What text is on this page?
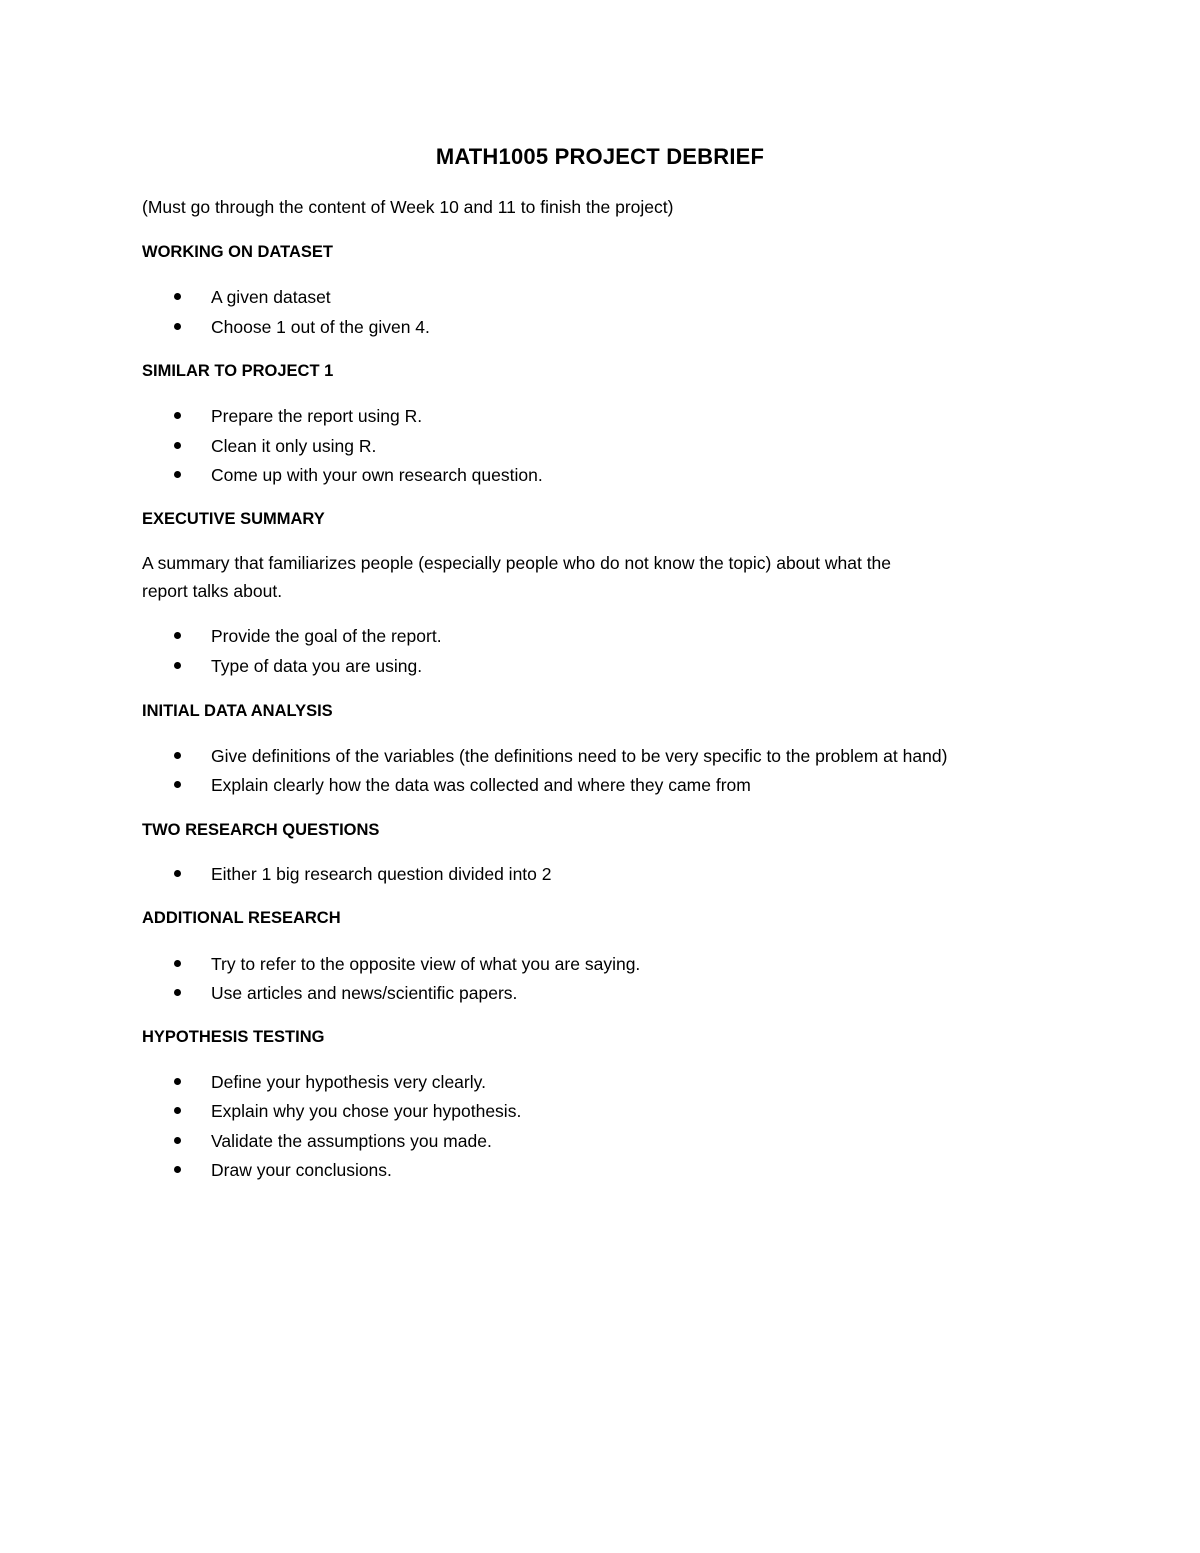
MATH1005 PROJECT DEBRIEF
(Must go through the content of Week 10 and 11 to finish the project)
WORKING ON DATASET
A given dataset
Choose 1 out of the given 4.
SIMILAR TO PROJECT 1
Prepare the report using R.
Clean it only using R.
Come up with your own research question.
EXECUTIVE SUMMARY
A summary that familiarizes people (especially people who do not know the topic) about what the
report talks about.
Provide the goal of the report.
Type of data you are using.
INITIAL DATA ANALYSIS
Give definitions of the variables (the definitions need to be very specific to the problem at hand)
Explain clearly how the data was collected and where they came from
TWO RESEARCH QUESTIONS
Either 1 big research question divided into 2
ADDITIONAL RESEARCH
Try to refer to the opposite view of what you are saying.
Use articles and news/scientific papers.
HYPOTHESIS TESTING
Define your hypothesis very clearly.
Explain why you chose your hypothesis.
Validate the assumptions you made.
Draw your conclusions.
